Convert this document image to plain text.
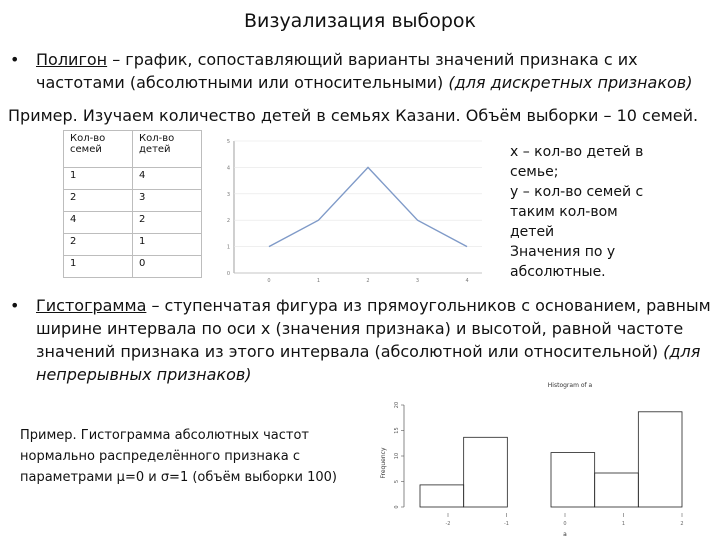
Визуализация выборок
• Полигон – график, сопоставляющий варианты значений признака с их частотами (абсолютными или относительными) (для дискретных признаков)
Пример. Изучаем количество детей в семьях Казани. Объём выборки – 10 семей.
Кол-во семей	Кол-во детей
1	4
2	3
4	2
2	1
1	0
0
1
2
3
4
5
0	1	2	3	4
x – кол-во детей в
семье;
y – кол-во семей с
таким кол-вом
детей
Значения по y
абсолютные.
• Гистограмма – ступенчатая фигура из прямоугольников с основанием, равным ширине интервала по оси x (значения признака) и высотой, равной частоте значений признака из этого интервала (абсолютной или относительной) (для непрерывных признаков)
Пример. Гистограмма абсолютных частот нормально распределённого признака с параметрами µ=0 и σ=1 (объём выборки 100)
Histogram of a
Frequency
a
0
5
10
15
20
-2	-1	0	1	2
